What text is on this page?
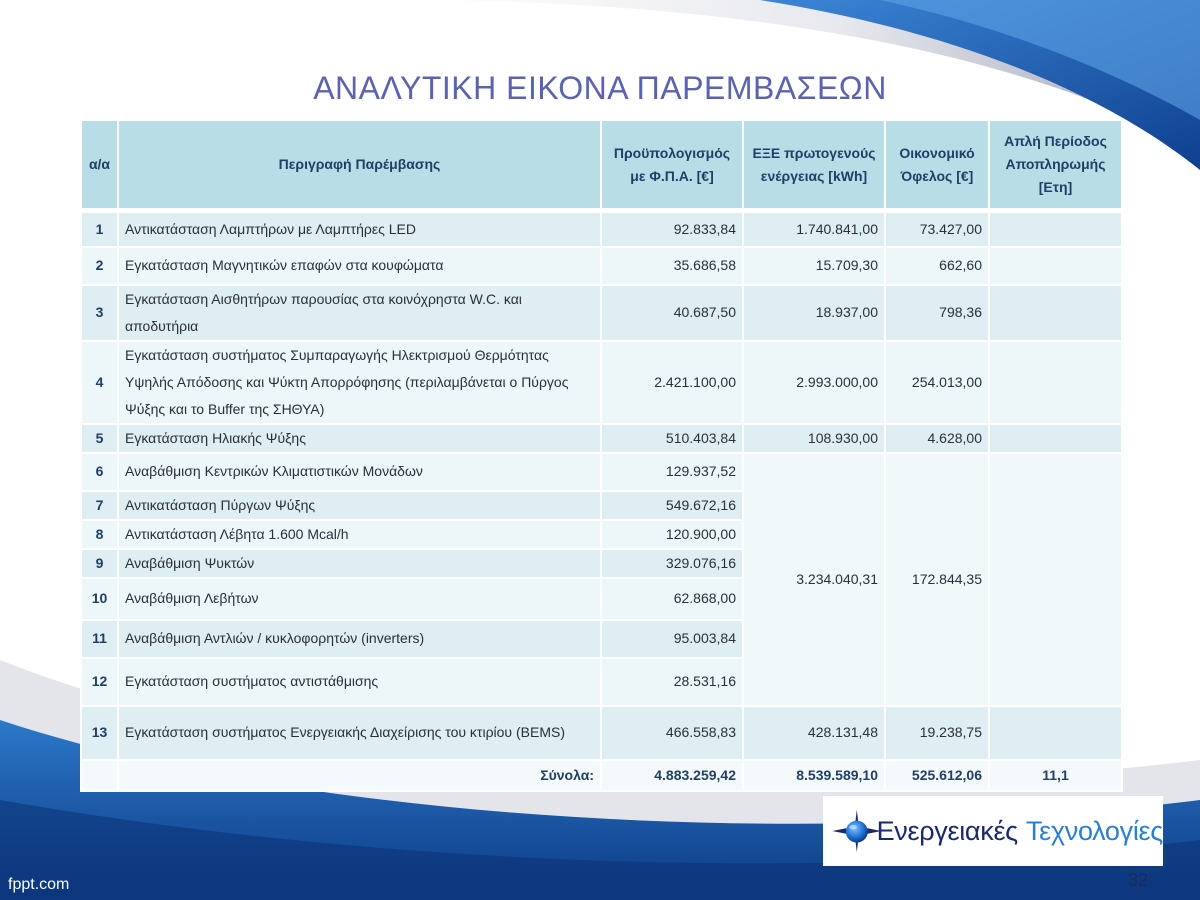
ΑΝΑΛΥΤΙΚΗ ΕΙΚΟΝΑ ΠΑΡΕΜΒΑΣΕΩΝ
α/α	Περιγραφή Παρέμβασης	Προϋπολογισμός με Φ.Π.Α. [€]	ΕΞΕ πρωτογενούς ενέργειας [kWh]	Οικονομικό Όφελος [€]	Απλή Περίοδος Αποπληρωμής [Ετη]
1	Αντικατάσταση Λαμπτήρων με Λαμπτήρες LED	92.833,84	1.740.841,00	73.427,00	
2	Εγκατάσταση Μαγνητικών επαφών στα κουφώματα	35.686,58	15.709,30	662,60	
3	Εγκατάσταση Αισθητήρων παρουσίας στα κοινόχρηστα W.C. και αποδυτήρια	40.687,50	18.937,00	798,36	
4	Εγκατάσταση συστήματος Συμπαραγωγής Ηλεκτρισμού Θερμότητας Υψηλής Απόδοσης και Ψύκτη Απορρόφησης (περιλαμβάνεται ο Πύργος Ψύξης και το Buffer της ΣΗΘΥΑ)	2.421.100,00	2.993.000,00	254.013,00	
5	Εγκατάσταση Ηλιακής Ψύξης	510.403,84	108.930,00	4.628,00	
6	Αναβάθμιση Κεντρικών Κλιματιστικών Μονάδων	129.937,52	3.234.040,31	172.844,35	
7	Αντικατάσταση Πύργων Ψύξης	549.672,16			
8	Αντικατάσταση Λέβητα 1.600 Mcal/h	120.900,00			
9	Αναβάθμιση Ψυκτών	329.076,16			
10	Αναβάθμιση Λεβήτων	62.868,00			
11	Αναβάθμιση Αντλιών / κυκλοφορητών (inverters)	95.003,84			
12	Εγκατάσταση συστήματος αντιστάθμισης	28.531,16			
13	Εγκατάσταση συστήματος Ενεργειακής Διαχείρισης του κτιρίου (BEMS)	466.558,83	428.131,48	19.238,75	
	Σύνολα:	4.883.259,42	8.539.589,10	525.612,06	11,1
Ενεργειακές Τεχνολογίες
fppt.com	32
